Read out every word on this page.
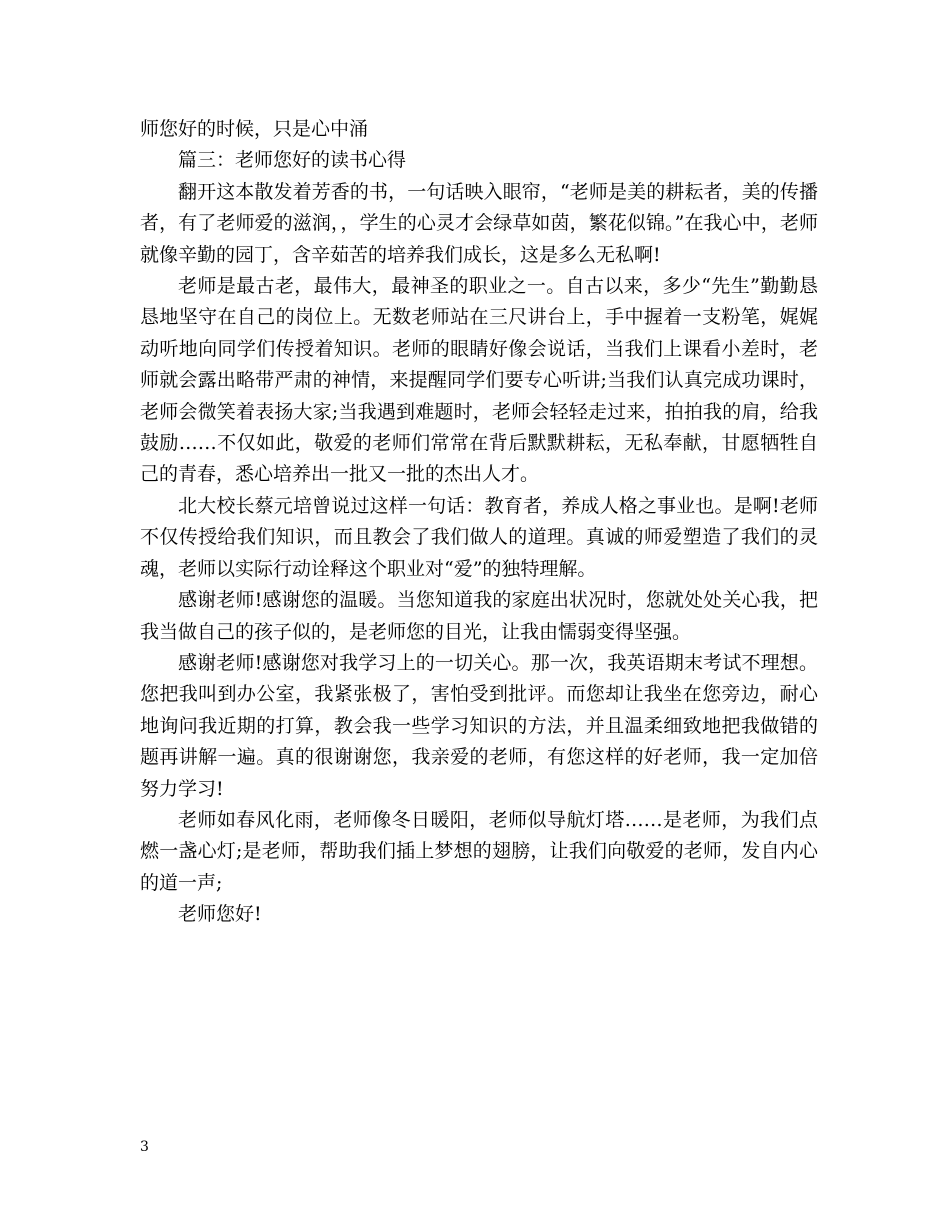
师您好的时候，只是心中涌

篇三：老师您好的读书心得

翻开这本散发着芳香的书，一句话映入眼帘，“老师是美的耕耘者，美的传播者，有了老师爱的滋润，，学生的心灵才会绿草如茵，繁花似锦。”在我心中，老师就像辛勤的园丁，含辛茹苦的培养我们成长，这是多么无私啊!

老师是最古老，最伟大，最神圣的职业之一。自古以来，多少“先生”勤勤恳恳地坚守在自己的岗位上。无数老师站在三尺讲台上，手中握着一支粉笔，娓娓动听地向同学们传授着知识。老师的眼睛好像会说话，当我们上课看小差时，老师就会露出略带严肃的神情，来提醒同学们要专心听讲;当我们认真完成功课时，老师会微笑着表扬大家;当我遇到难题时，老师会轻轻走过来，拍拍我的肩，给我鼓励……不仅如此，敬爱的老师们常常在背后默默耕耘，无私奉献，甘愿牺牲自己的青春，悉心培养出一批又一批的杰出人才。

北大校长蔡元培曾说过这样一句话：教育者，养成人格之事业也。是啊!老师不仅传授给我们知识，而且教会了我们做人的道理。真诚的师爱塑造了我们的灵魂，老师以实际行动诠释这个职业对“爱”的独特理解。

感谢老师!感谢您的温暖。当您知道我的家庭出状况时，您就处处关心我，把我当做自己的孩子似的，是老师您的目光，让我由懦弱变得坚强。

感谢老师!感谢您对我学习上的一切关心。那一次，我英语期末考试不理想。您把我叫到办公室，我紧张极了，害怕受到批评。而您却让我坐在您旁边，耐心地询问我近期的打算，教会我一些学习知识的方法，并且温柔细致地把我做错的题再讲解一遍。真的很谢谢您，我亲爱的老师，有您这样的好老师，我一定加倍努力学习!

老师如春风化雨，老师像冬日暖阳，老师似导航灯塔……是老师，为我们点燃一盏心灯;是老师，帮助我们插上梦想的翅膀，让我们向敬爱的老师，发自内心的道一声;

老师您好!

3
